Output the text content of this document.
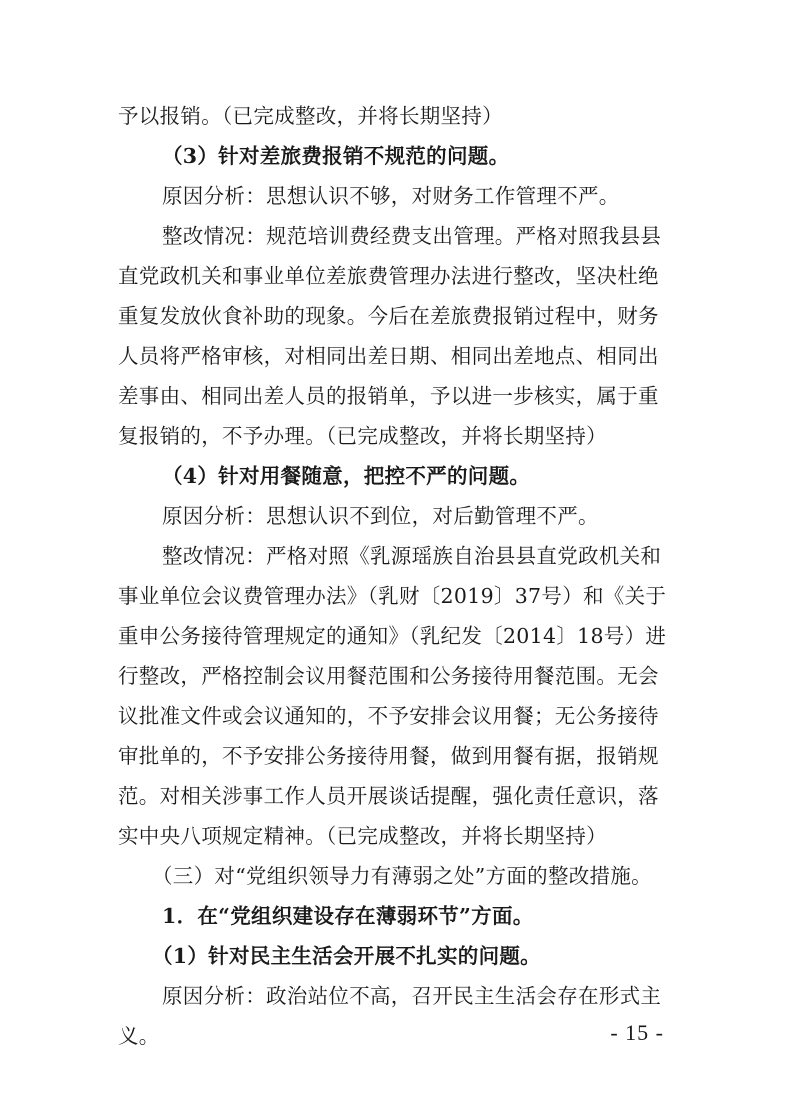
予以报销。（已完成整改，并将长期坚持）
（3）针对差旅费报销不规范的问题。
原因分析：思想认识不够，对财务工作管理不严。
整改情况：规范培训费经费支出管理。严格对照我县县
直党政机关和事业单位差旅费管理办法进行整改，坚决杜绝
重复发放伙食补助的现象。今后在差旅费报销过程中，财务
人员将严格审核，对相同出差日期、相同出差地点、相同出
差事由、相同出差人员的报销单，予以进一步核实，属于重
复报销的，不予办理。（已完成整改，并将长期坚持）
（4）针对用餐随意，把控不严的问题。
原因分析：思想认识不到位，对后勤管理不严。
整改情况：严格对照《乳源瑶族自治县县直党政机关和
事业单位会议费管理办法》（乳财〔2019〕37号）和《关于
重申公务接待管理规定的通知》（乳纪发〔2014〕18号）进
行整改，严格控制会议用餐范围和公务接待用餐范围。无会
议批准文件或会议通知的，不予安排会议用餐；无公务接待
审批单的，不予安排公务接待用餐，做到用餐有据，报销规
范。对相关涉事工作人员开展谈话提醒，强化责任意识，落
实中央八项规定精神。（已完成整改，并将长期坚持）
（三）对“党组织领导力有薄弱之处”方面的整改措施。
1．在“党组织建设存在薄弱环节”方面。
（1）针对民主生活会开展不扎实的问题。
原因分析：政治站位不高，召开民主生活会存在形式主
义。	- 15 -
